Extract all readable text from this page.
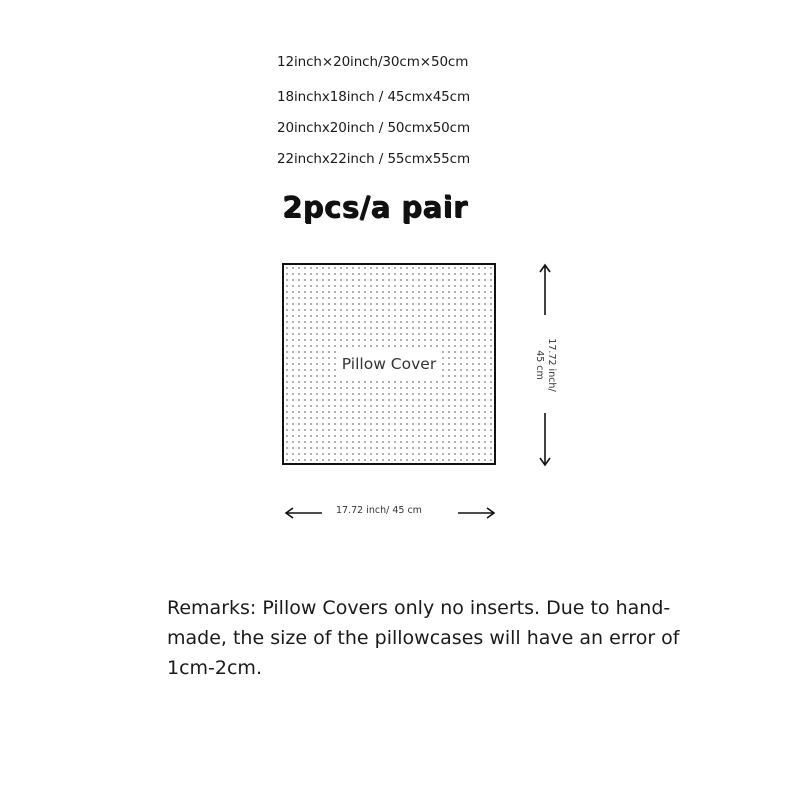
12inch×20inch/30cm×50cm
18inchx18inch / 45cmx45cm
20inchx20inch / 50cmx50cm
22inchx22inch / 55cmx55cm
2pcs/a pair
Pillow Cover
17.72 inch/ 45 cm
17.72 inch/
45 cm
Remarks: Pillow Covers only no inserts. Due to hand-made, the size of the pillowcases will have an error of 1cm-2cm.
